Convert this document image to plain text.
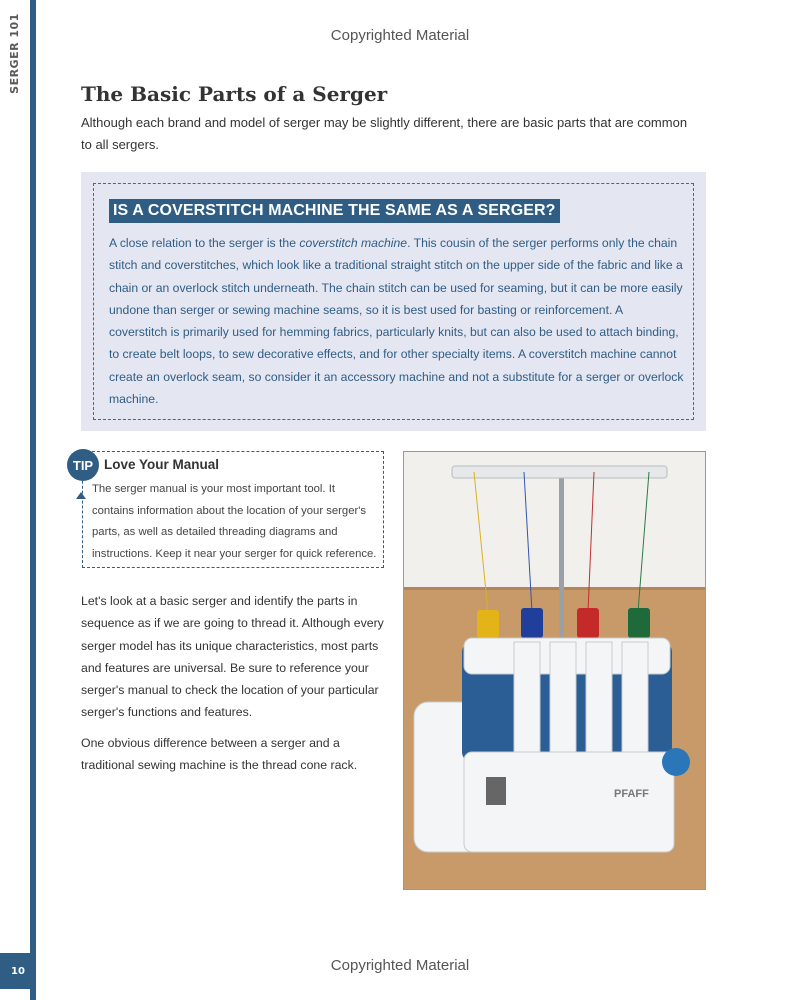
SERGER 101	Copyrighted Material
The Basic Parts of a Serger

Although each brand and model of serger may be slightly different, there are basic parts that are common to all sergers.

IS A COVERSTITCH MACHINE THE SAME AS A SERGER?

A close relation to the serger is the coverstitch machine. This cousin of the serger performs only the chain stitch and coverstitches, which look like a traditional straight stitch on the upper side of the fabric and like a chain or an overlock stitch underneath. The chain stitch can be used for seaming, but it can be more easily undone than serger or sewing machine seams, so it is best used for basting or reinforcement. A coverstitch is primarily used for hemming fabrics, particularly knits, but can also be used to attach binding, to create belt loops, to sew decorative effects, and for other specialty items. A coverstitch machine cannot create an overlock seam, so consider it an accessory machine and not a substitute for a serger or overlock machine.

TIP Love Your Manual

The serger manual is your most important tool. It contains information about the location of your serger's parts, as well as detailed threading diagrams and instructions. Keep it near your serger for quick reference.

Let's look at a basic serger and identify the parts in sequence as if we are going to thread it. Although every serger model has its unique characteristics, most parts and features are universal. Be sure to reference your serger's manual to check the location of your particular serger's functions and features.

One obvious difference between a serger and a traditional sewing machine is the thread cone rack.

PFAFF
10	Copyrighted Material
